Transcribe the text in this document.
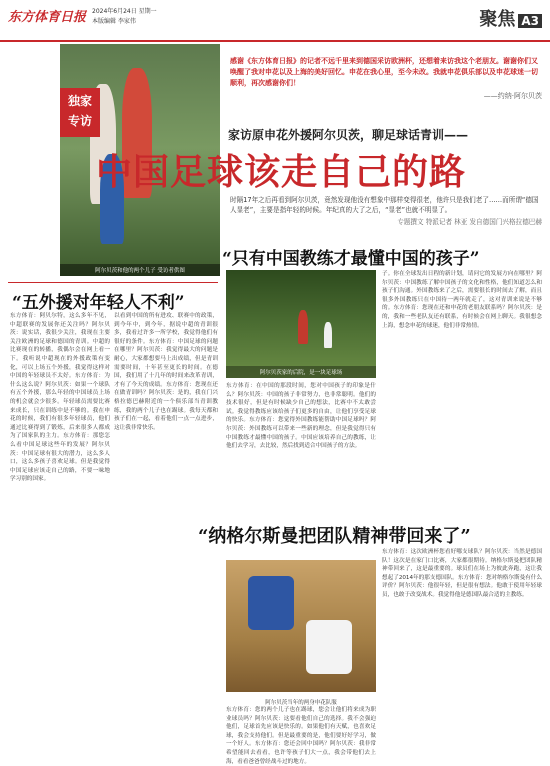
东方体育日报 2024年6月24日 星期一
本版编辑 李家伟	聚焦 A3
阿尔贝茨和他的两个儿子 受访者供图
独家
专访
感谢《东方体育日报》的记者不远千里来到德国采访欧洲杯，还想着来访我这个老朋友。谢谢你们又唤醒了我对申花以及上海的美好回忆。申花在我心里，至今未改。我就申花俱乐部以及申花球迷一切顺利，再次感谢你们！
——约纳·阿尔贝茨
家访原申花外援阿尔贝茨，聊足球话青训——
中国足球该走自己的路
时隔17年之后再看到阿尔贝茨，竟然发现他没有想象中那样变得很老，他许只是我们老了……而所谓“德国人显老”，主要是指年轻的时候。年纪真的大了之后，“显老”也就不明显了。
专题撰文 特派记者 林亚 发自德国门兴格拉德巴赫
“五外援对年轻人不利”
“只有中国教练才最懂中国的孩子”
东方体育：阿贝尔特，这么多年不见，中超联赛的发展你还关注吗？阿尔贝茨：说实话，我很少关注，我现在主要关注欧洲的足球和德国的青训。中超的比赛现在的转播，我偶尔会在网上看一下。我听说中超现在的外援政策有变化，可以上场五个外援，我觉得这样对中国的年轻球员不太好。东方体育：为什么这么说？阿尔贝茨：如果一个球队有五个外援，那么年轻的中国球员上场的机会就会少很多。年轻球员需要比赛来成长，只在训练中是不够的。我在申花的时候，我们有很多年轻球员，他们通过比赛得到了锻炼，后来很多人都成为了国家队的主力。东方体育：那您怎么看中国足球这些年的发展？阿尔贝茨：中国足球有很大的潜力，这么多人口，这么多孩子喜欢足球。但是我觉得中国足球应该走自己的路，不要一味地学习别的国家。
以看到中国的所有进攻、联赛中的政策，到今年中，到今年，据说中超的青训很多，我看过许多一所学校，我觉得他们有很好的条件。东方体育：中国足球的问题在哪里？阿尔贝茨：我觉得最大的问题是耐心，大家都想要马上出成绩，但是青训需要时间，十年甚至更长的时间。在德国，我们用了十几年的时间来改革青训，才有了今天的成绩。东方体育：您现在还在做青训吗？阿尔贝茨：是的，我在门兴格拉德巴赫附近的一个俱乐部当青训教练，我的两个儿子也在踢球。我每天都和孩子们在一起，看着他们一点一点进步，这让我非常快乐。
阿尔贝茨家的后院，是一块足球场
东方体育：在中国的那段时间，您对中国孩子的印象是什么？阿尔贝茨：中国的孩子非常努力，也非常聪明。他们的技术很好，但是有时候缺少自己的想法，比赛中不太敢尝试。我觉得教练应该给孩子们更多的自由，让他们享受足球的快乐。东方体育：您觉得外国教练能帮助中国足球吗？阿尔贝茨：外国教练可以带来一些新的理念，但是我觉得只有中国教练才最懂中国的孩子。中国应该培养自己的教练，让他们去学习，去比较，然后找到适合中国孩子的方法。
子。你在全球发出日程的新计划，请问它的发展方向在哪里？阿尔贝茨：中国教练了解中国孩子的文化和性格，他们知道怎么和孩子们沟通。外国教练来了之后，需要很长的时间去了解，而且很多外国教练只在中国待一两年就走了，这对青训来说是不够的。东方体育：您现在还和申花的老朋友联系吗？阿尔贝茨：是的，我和一些老队友还有联系，有时候会在网上聊天。我很想念上海，想念申花的球迷，他们非常热情。
“纳格尔斯曼把团队精神带回来了”
阿尔贝茨当年的两身申花队服
东方体育：这次欧洲杯您看好哪支球队？阿尔贝茨：当然是德国队！这次是在家门口比赛，大家都很期待。纳格尔斯曼把团队精神带回来了，这是最重要的。球员们在场上为彼此奔跑，这让我想起了2014年的那支德国队。东方体育：您对纳格尔斯曼有什么评价？阿尔贝茨：他很年轻，但是很有想法。他敢于使用年轻球员，也敢于改变战术。我觉得他是德国队最合适的主教练。
东方体育：您的两个儿子也在踢球，您会让他们将来成为职业球员吗？阿尔贝茨：这要看他们自己的选择。我不会强迫他们，足球首先应该是快乐的。如果他们有天赋，也喜欢足球，我会支持他们。但是最重要的是，他们要好好学习，做一个好人。东方体育：您还会回中国吗？阿尔贝茨：我非常希望能回去看看，也许等孩子们大一点，我会带他们去上海，看看爸爸曾经战斗过的地方。
